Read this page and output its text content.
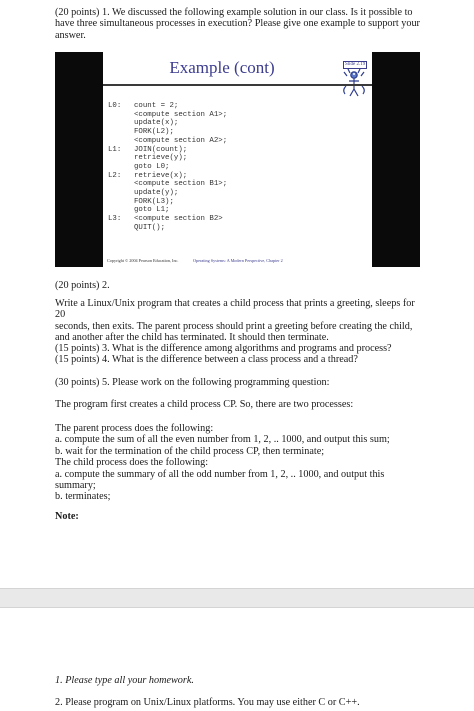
(20 points) 1. We discussed the following example solution in our class. Is it possible to

have three simultaneous processes in execution? Please give one example to support your

answer.

Example (cont)	Slide 2.19
L0: count = 2;
<compute section A1>;
update(x);
FORK(L2);
<compute section A2>;
L1: JOIN(count);
retrieve(y);
goto L0;
L2: retrieve(x);
<compute section B1>;
update(y);
FORK(L3);
goto L1;
L3: <compute section B2>
QUIT();
Copyright © 2004 Pearson Education, Inc.	Operating Systems: A Modern Perspective, Chapter 2
(20 points) 2.

Write a Linux/Unix program that creates a child process that prints a greeting, sleeps for 20

seconds, then exits. The parent process should print a greeting before creating the child,

and another after the child has terminated. It should then terminate.

(15 points) 3. What is the difference among algorithms and programs and process?

(15 points) 4. What is the difference between a class process and a thread?

(30 points) 5. Please work on the following programming question:
The program first creates a child process CP. So, there are two processes:

The parent process does the following:

a. compute the sum of all the even number from 1, 2, .. 1000, and output this sum;

b. wait for the termination of the child process CP, then terminate;

The child process does the following:

a. compute the summary of all the odd number from 1, 2, .. 1000, and output this summary;

b. terminates;

Note:
1. Please type all your homework.
2. Please program on Unix/Linux platforms. You may use either C or C++.
